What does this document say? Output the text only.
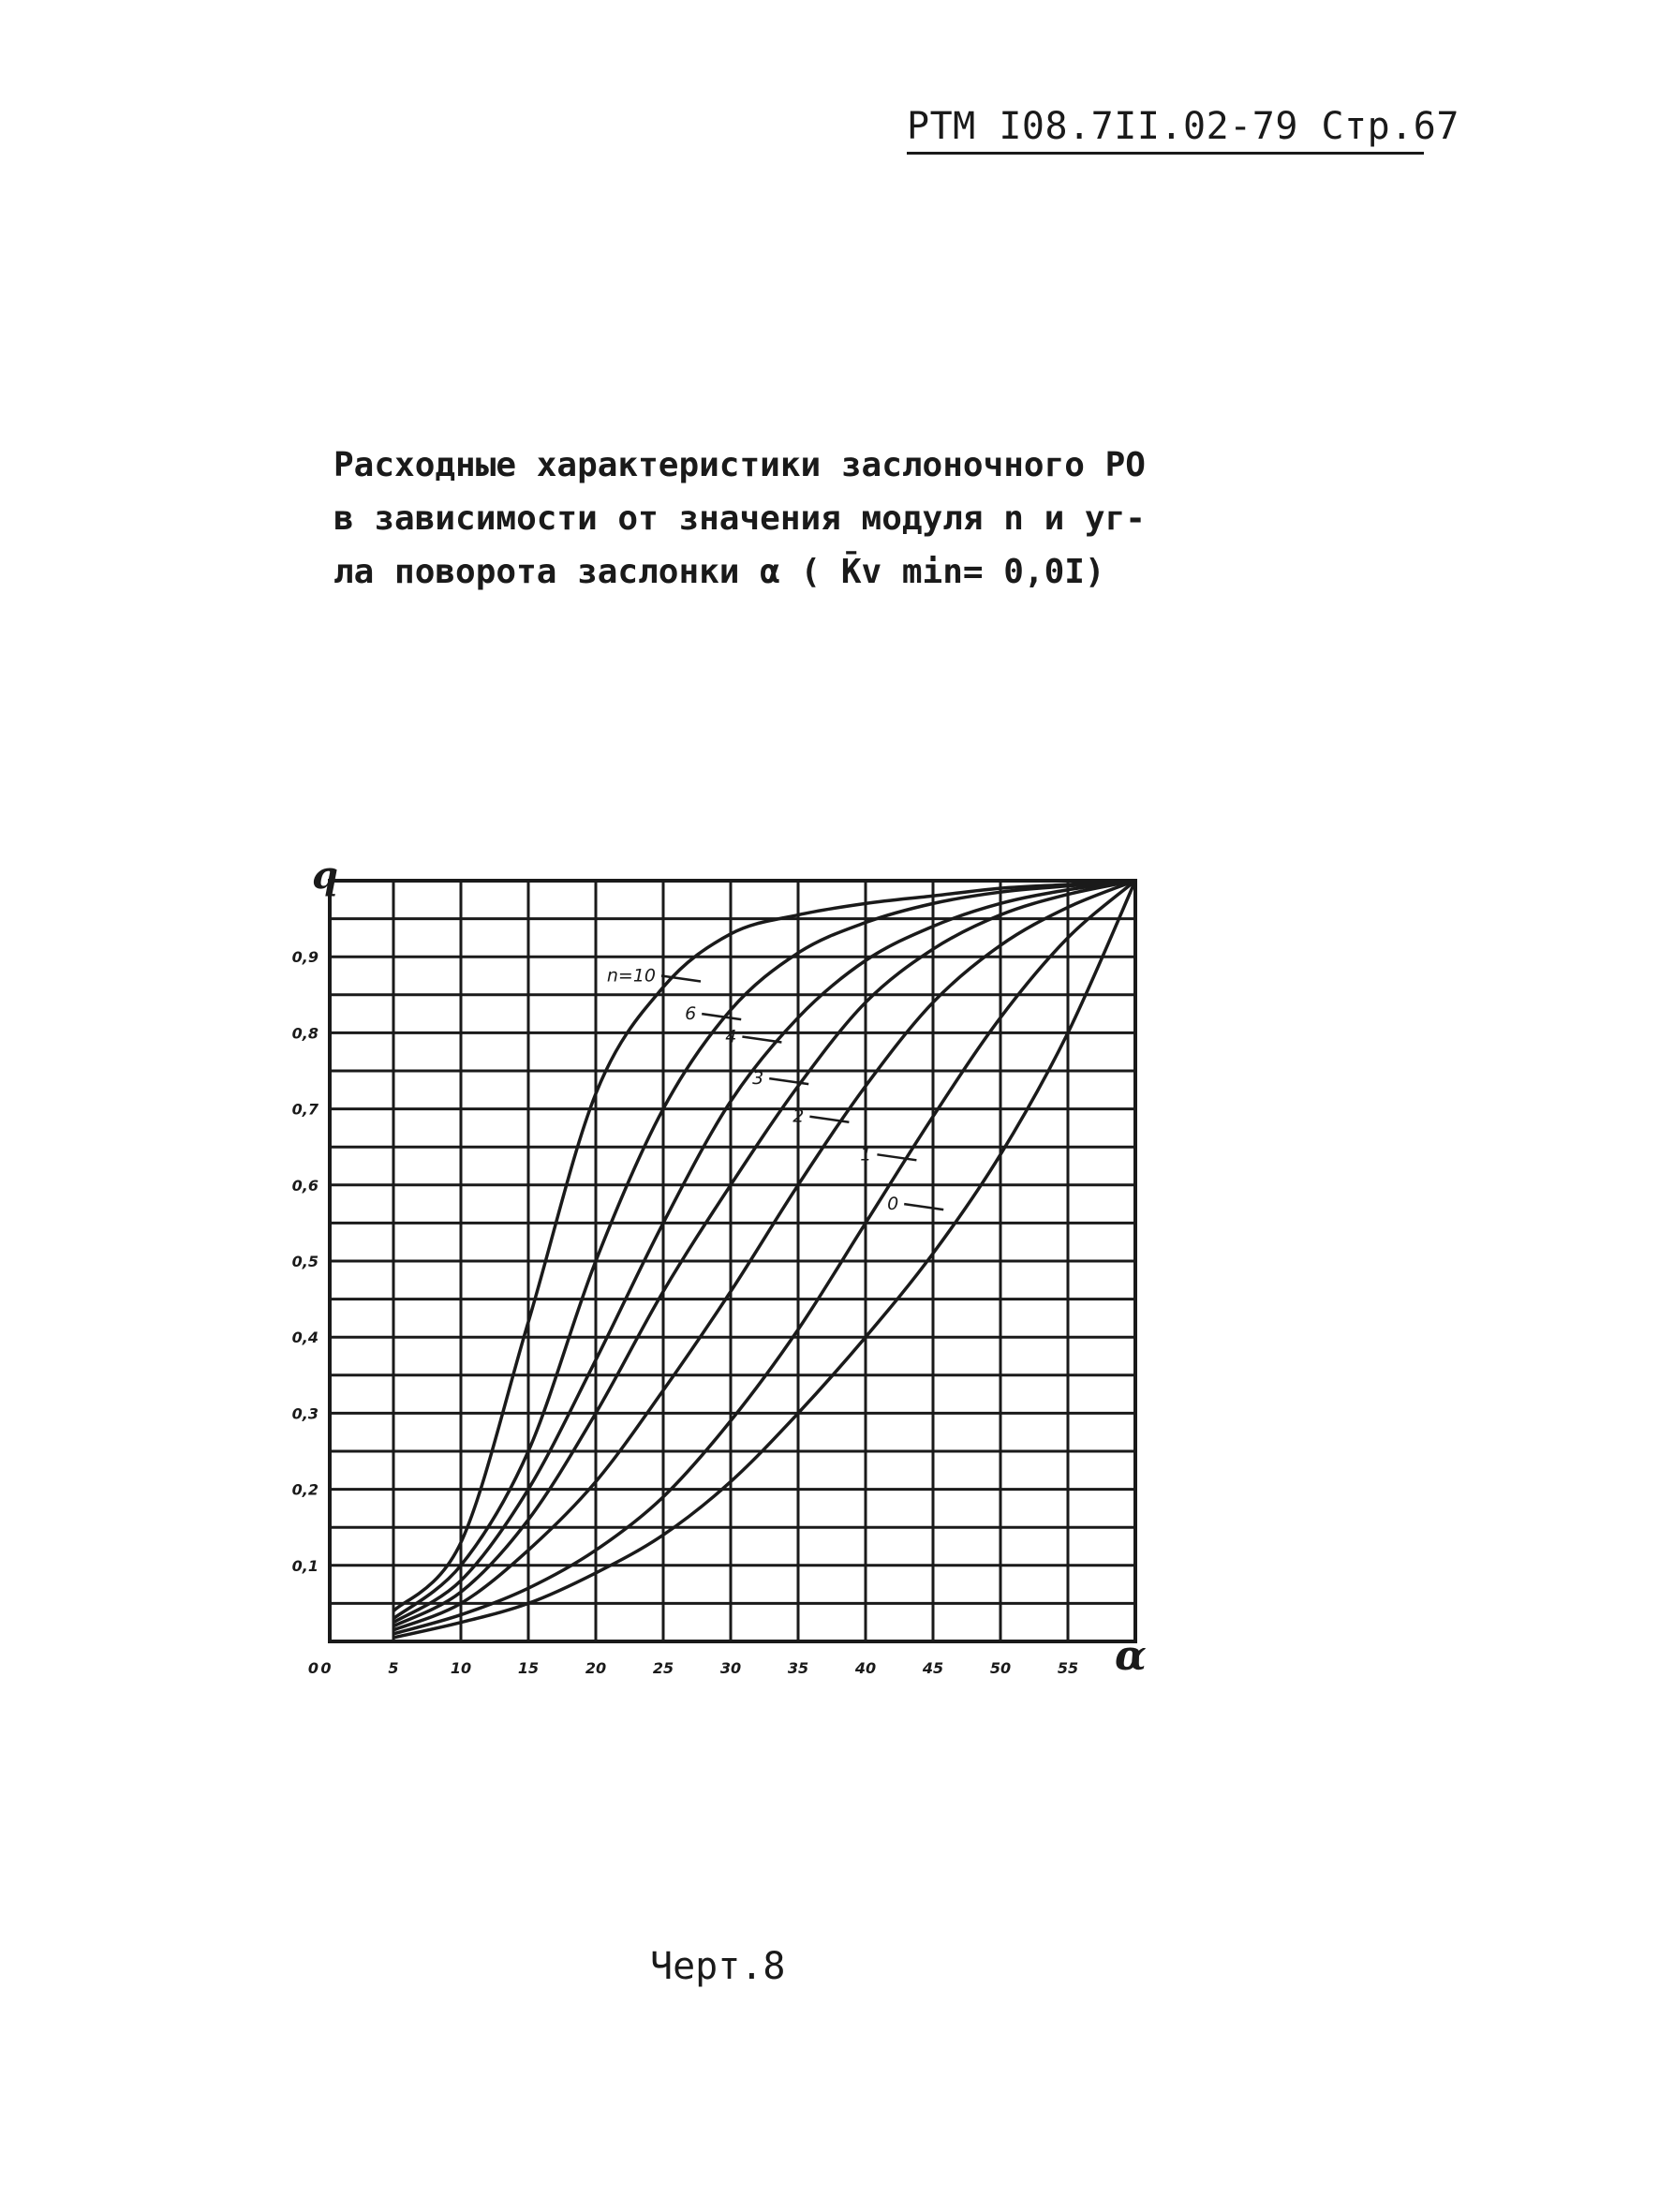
РТМ I08.7II.02-79 Стр.67
Расходные характеристики заслоночного РО
в зависимости от значения модуля n и уг-
ла поворота заслонки α ( K̄v min= 0,0I)
n=10
6
4
3
2
1
0
0	5	10	15	20	25	30	35	40	45	50	55
0
0,1
0,2
0,3
0,4
0,5
0,6
0,7
0,8
0,9
q
α
Черт.8
